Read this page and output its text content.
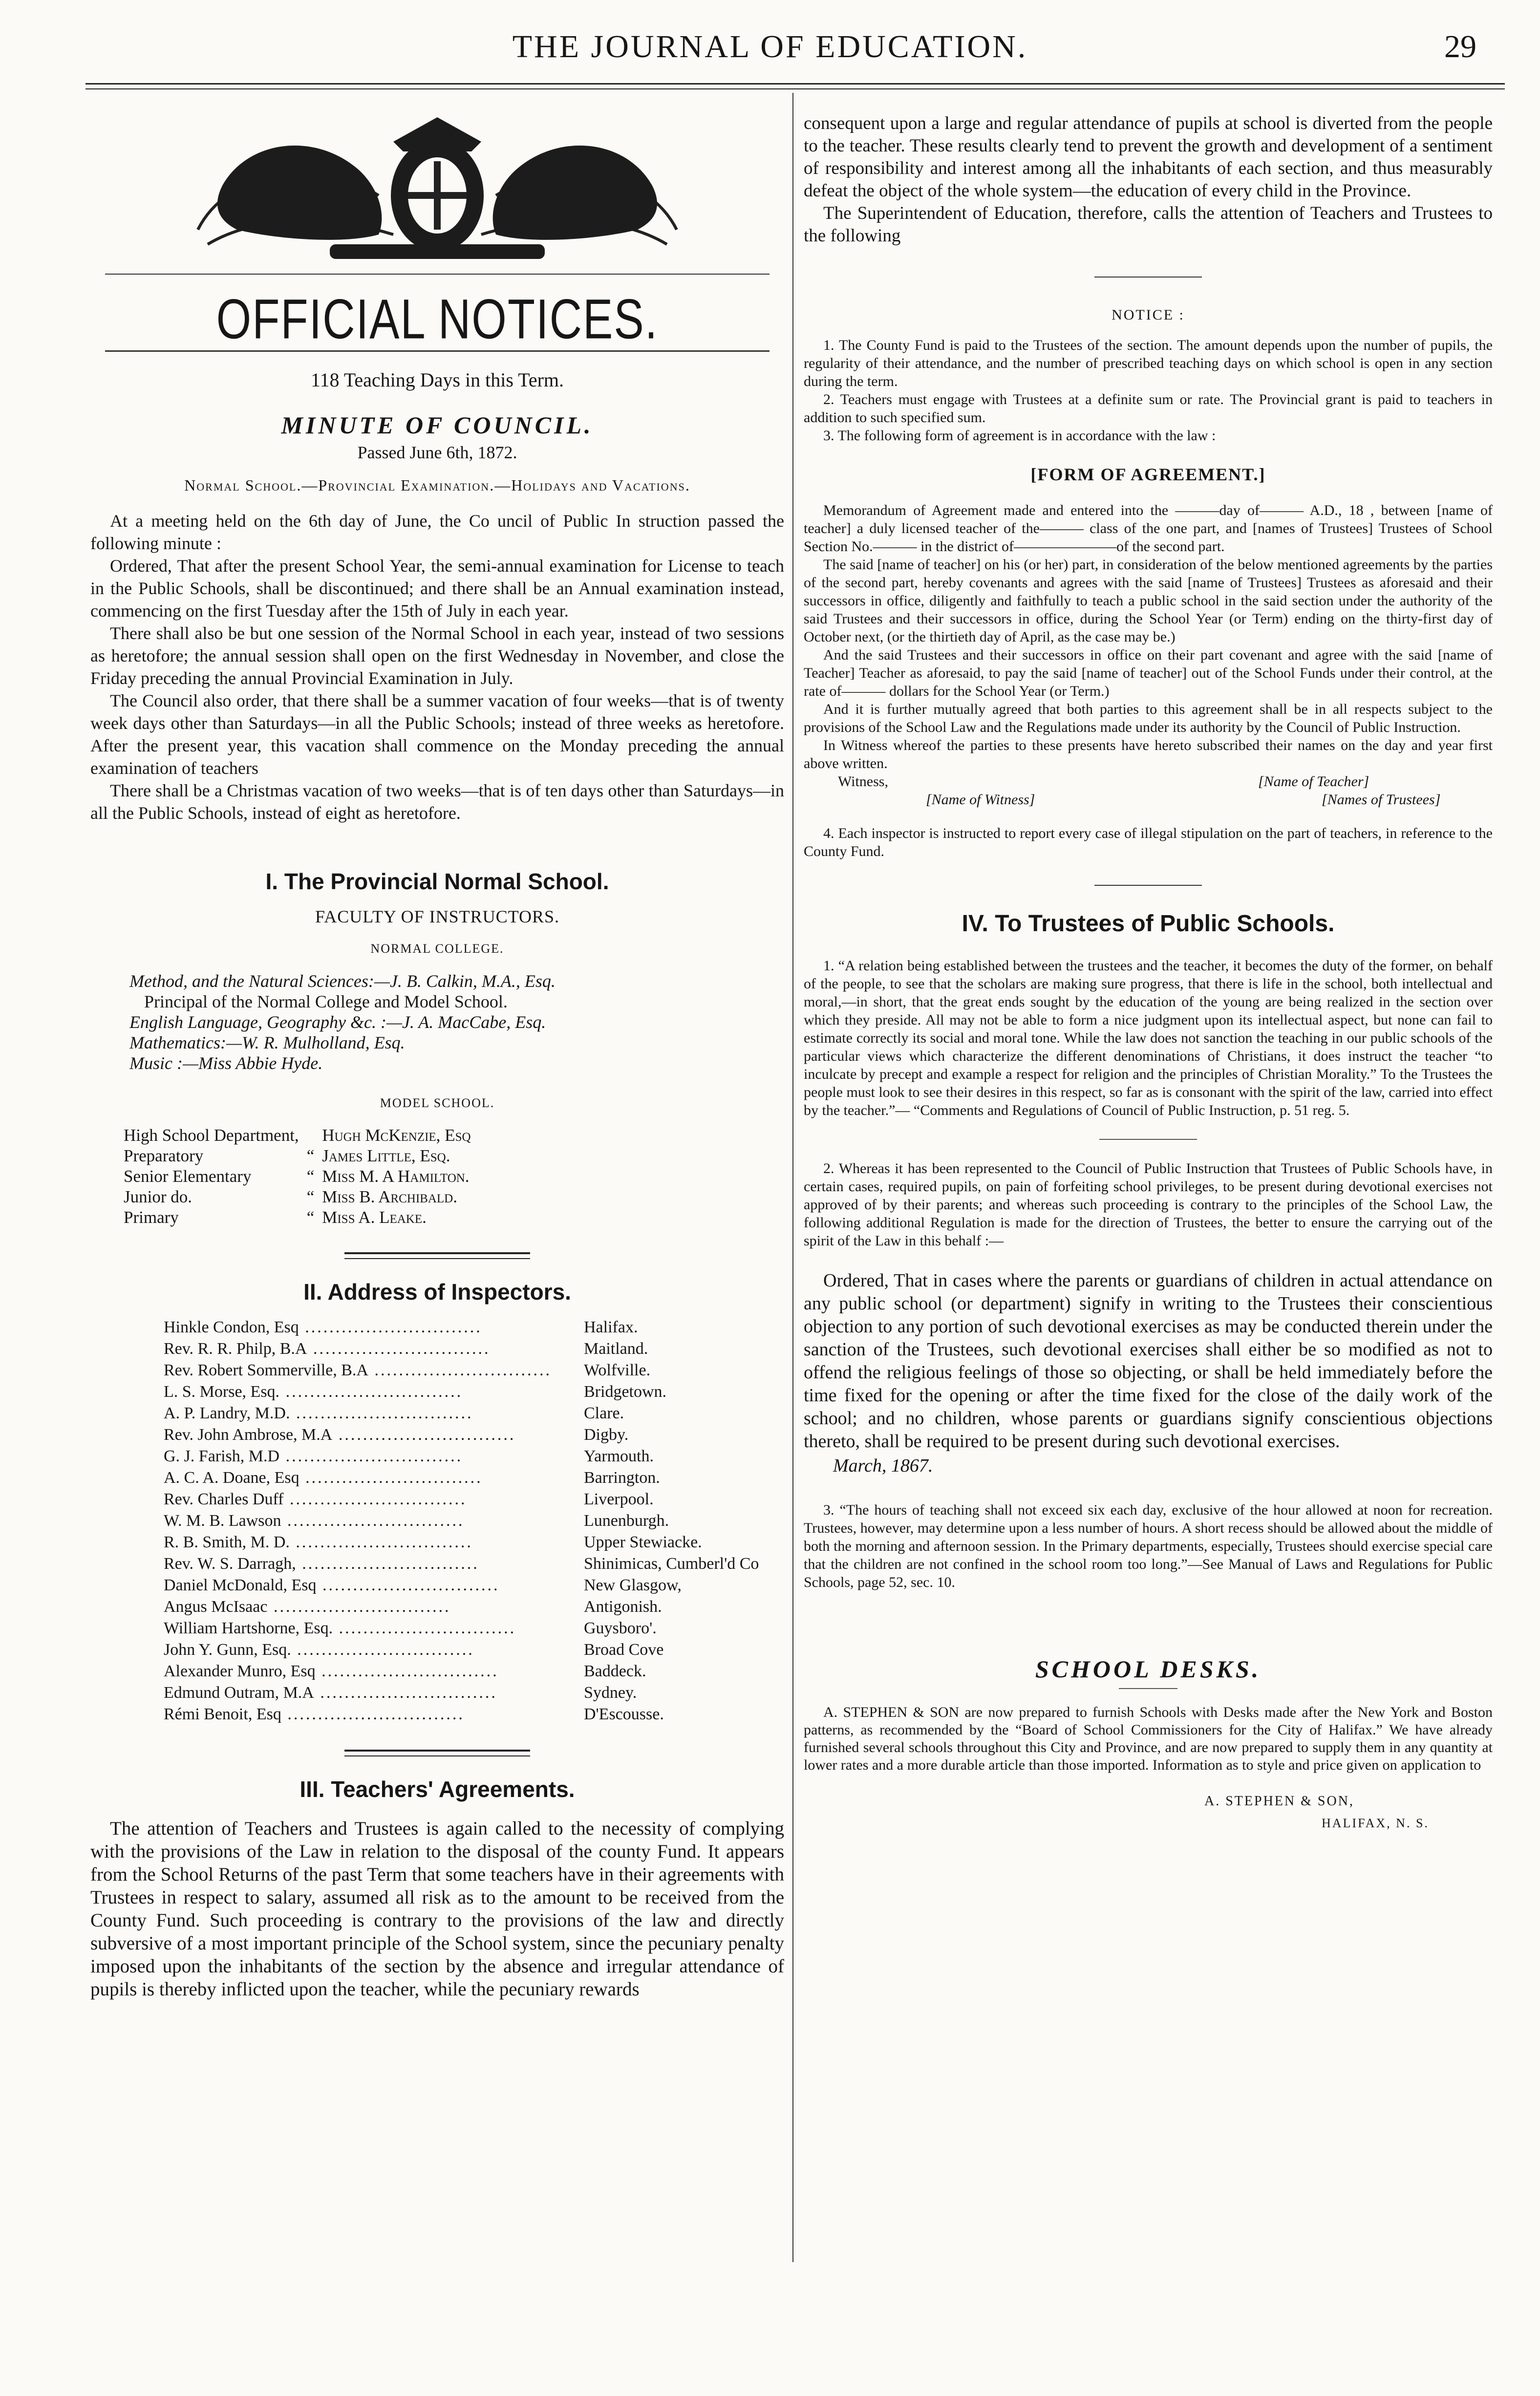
THE JOURNAL OF EDUCATION.	29
OFFICIAL NOTICES.
118 Teaching Days in this Term.
MINUTE OF COUNCIL.
Passed June 6th, 1872.
Normal School.—Provincial Examination.—Holidays and Vacations.

At a meeting held on the 6th day of June, the Co uncil of Public In struction passed the following minute :

Ordered, That after the present School Year, the semi-annual examination for License to teach in the Public Schools, shall be discontinued; and there shall be an Annual examination instead, commencing on the first Tuesday after the 15th of July in each year.

There shall also be but one session of the Normal School in each year, instead of two sessions as heretofore; the annual session shall open on the first Wednesday in November, and close the Friday preceding the annual Provincial Examination in July.

The Council also order, that there shall be a summer vacation of four weeks—that is of twenty week days other than Saturdays—in all the Public Schools; instead of three weeks as heretofore. After the present year, this vacation shall commence on the Monday preceding the annual examination of teachers

There shall be a Christmas vacation of two weeks—that is of ten days other than Saturdays—in all the Public Schools, instead of eight as heretofore.

I. The Provincial Normal School.
FACULTY OF INSTRUCTORS.
NORMAL COLLEGE.

Method, and the Natural Sciences:—J. B. Calkin, M.A., Esq.

Principal of the Normal College and Model School.

English Language, Geography &c. :—J. A. MacCabe, Esq.

Mathematics:—W. R. Mulholland, Esq.

Music :—Miss Abbie Hyde.

MODEL SCHOOL.
High School Department,		Hugh McKenzie, Esq
Preparatory	“	James Little, Esq.
Senior Elementary	“	Miss M. A Hamilton.
Junior do.	“	Miss B. Archibald.
Primary	“	Miss A. Leake.
II. Address of Inspectors.
Hinkle Condon, Esq .............................	Halifax.
Rev. R. R. Philp, B.A .............................	Maitland.
Rev. Robert Sommerville, B.A .............................	Wolfville.
L. S. Morse, Esq. .............................	Bridgetown.
A. P. Landry, M.D. .............................	Clare.
Rev. John Ambrose, M.A .............................	Digby.
G. J. Farish, M.D .............................	Yarmouth.
A. C. A. Doane, Esq .............................	Barrington.
Rev. Charles Duff .............................	Liverpool.
W. M. B. Lawson .............................	Lunenburgh.
R. B. Smith, M. D. .............................	Upper Stewiacke.
Rev. W. S. Darragh, .............................	Shinimicas, Cumberl'd Co
Daniel McDonald, Esq .............................	New Glasgow,
Angus McIsaac .............................	Antigonish.
William Hartshorne, Esq. .............................	Guysboro'.
John Y. Gunn, Esq. .............................	Broad Cove
Alexander Munro, Esq .............................	Baddeck.
Edmund Outram, M.A .............................	Sydney.
Rémi Benoit, Esq .............................	D'Escousse.
III. Teachers' Agreements.

The attention of Teachers and Trustees is again called to the necessity of complying with the provisions of the Law in relation to the disposal of the county Fund. It appears from the School Returns of the past Term that some teachers have in their agreements with Trustees in respect to salary, assumed all risk as to the amount to be received from the County Fund. Such proceeding is contrary to the provisions of the law and directly subversive of a most important principle of the School system, since the pecuniary penalty imposed upon the inhabitants of the section by the absence and irregular attendance of pupils is thereby inflicted upon the teacher, while the pecuniary rewards

consequent upon a large and regular attendance of pupils at school is diverted from the people to the teacher. These results clearly tend to prevent the growth and development of a sentiment of responsibility and interest among all the inhabitants of each section, and thus measurably defeat the object of the whole system—the education of every child in the Province.

The Superintendent of Education, therefore, calls the attention of Teachers and Trustees to the following

NOTICE :

1. The County Fund is paid to the Trustees of the section. The amount depends upon the number of pupils, the regularity of their attendance, and the number of prescribed teaching days on which school is open in any section during the term.

2. Teachers must engage with Trustees at a definite sum or rate. The Provincial grant is paid to teachers in addition to such specified sum.

3. The following form of agreement is in accordance with the law :

[FORM OF AGREEMENT.]

Memorandum of Agreement made and entered into the ———day of——— A.D., 18 , between [name of teacher] a duly licensed teacher of the——— class of the one part, and [names of Trustees] Trustees of School Section No.——— in the district of———————of the second part.

The said [name of teacher] on his (or her) part, in consideration of the below mentioned agreements by the parties of the second part, hereby covenants and agrees with the said [name of Trustees] Trustees as aforesaid and their successors in office, diligently and faithfully to teach a public school in the said section under the authority of the said Trustees and their successors in office, during the School Year (or Term) ending on the thirty-first day of October next, (or the thirtieth day of April, as the case may be.)

And the said Trustees and their successors in office on their part covenant and agree with the said [name of Teacher] Teacher as aforesaid, to pay the said [name of teacher] out of the School Funds under their control, at the rate of——— dollars for the School Year (or Term.)

And it is further mutually agreed that both parties to this agreement shall be in all respects subject to the provisions of the School Law and the Regulations made under its authority by the Council of Public Instruction.

In Witness whereof the parties to these presents have hereto subscribed their names on the day and year first above written.

Witness,	[Name of Teacher]
[Name of Witness]	[Names of Trustees]

4. Each inspector is instructed to report every case of illegal stipulation on the part of teachers, in reference to the County Fund.

IV. To Trustees of Public Schools.

1. “A relation being established between the trustees and the teacher, it becomes the duty of the former, on behalf of the people, to see that the scholars are making sure progress, that there is life in the school, both intellectual and moral,—in short, that the great ends sought by the education of the young are being realized in the section over which they preside. All may not be able to form a nice judgment upon its intellectual aspect, but none can fail to estimate correctly its social and moral tone. While the law does not sanction the teaching in our public schools of the particular views which characterize the different denominations of Christians, it does instruct the teacher “to inculcate by precept and example a respect for religion and the principles of Christian Morality.” To the Trustees the people must look to see their desires in this respect, so far as is consonant with the spirit of the law, carried into effect by the teacher.”— “Comments and Regulations of Council of Public Instruction, p. 51 reg. 5.

2. Whereas it has been represented to the Council of Public Instruction that Trustees of Public Schools have, in certain cases, required pupils, on pain of forfeiting school privileges, to be present during devotional exercises not approved of by their parents; and whereas such proceeding is contrary to the principles of the School Law, the following additional Regulation is made for the direction of Trustees, the better to ensure the carrying out of the spirit of the Law in this behalf :—

Ordered, That in cases where the parents or guardians of children in actual attendance on any public school (or department) signify in writing to the Trustees their conscientious objection to any portion of such devotional exercises as may be conducted therein under the sanction of the Trustees, such devotional exercises shall either be so modified as not to offend the religious feelings of those so objecting, or shall be held immediately before the time fixed for the opening or after the time fixed for the close of the daily work of the school; and no children, whose parents or guardians signify conscientious objections thereto, shall be required to be present during such devotional exercises.

March, 1867.

3. “The hours of teaching shall not exceed six each day, exclusive of the hour allowed at noon for recreation. Trustees, however, may determine upon a less number of hours. A short recess should be allowed about the middle of both the morning and afternoon session. In the Primary departments, especially, Trustees should exercise special care that the children are not confined in the school room too long.”—See Manual of Laws and Regulations for Public Schools, page 52, sec. 10.

SCHOOL DESKS.

A. STEPHEN & SON are now prepared to furnish Schools with Desks made after the New York and Boston patterns, as recommended by the “Board of School Commissioners for the City of Halifax.” We have already furnished several schools throughout this City and Province, and are now prepared to supply them in any quantity at lower rates and a more durable article than those imported. Information as to style and price given on application to

A. STEPHEN & SON,
HALIFAX, N. S.
